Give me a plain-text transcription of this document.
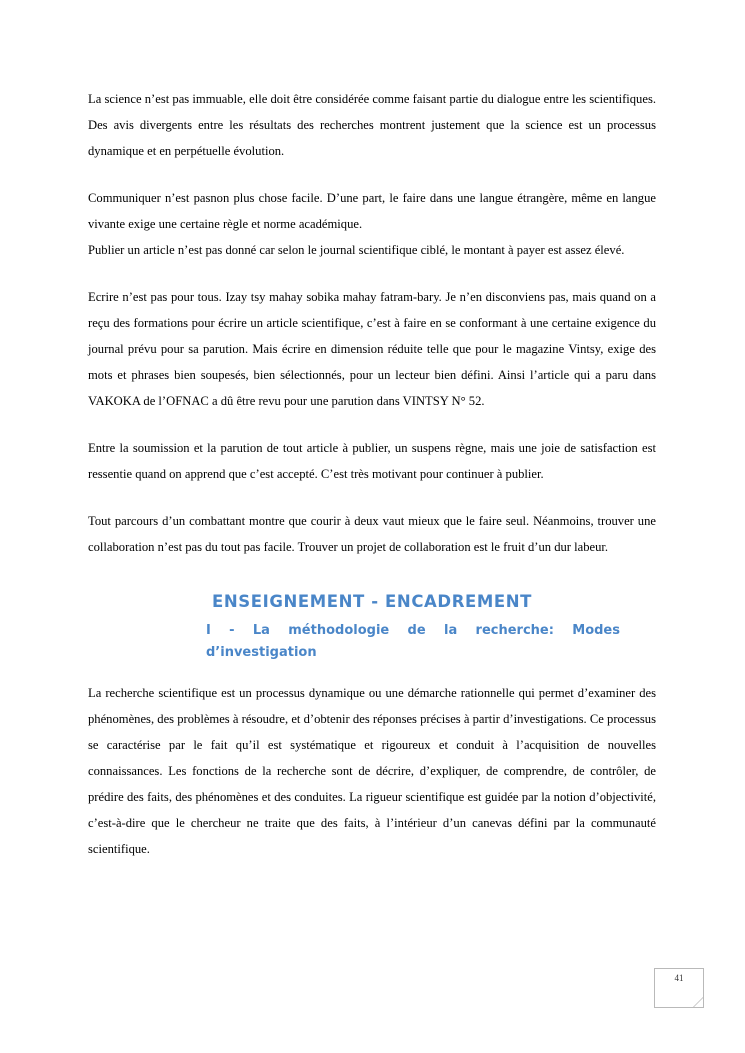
La science n’est pas immuable, elle doit être considérée comme faisant partie du dialogue entre les scientifiques. Des avis divergents entre les résultats des recherches montrent justement que la science est un processus dynamique et en perpétuelle évolution.

Communiquer n’est pasnon plus chose facile. D’une part, le faire dans une langue étrangère, même en langue vivante exige une certaine règle et norme académique.

Publier un article n’est pas donné car selon le journal scientifique ciblé, le montant à payer est assez élevé.

Ecrire n’est pas pour tous. Izay tsy mahay sobika mahay fatram-bary. Je n’en disconviens pas, mais quand on a reçu des formations pour écrire un article scientifique, c’est à faire en se conformant à une certaine exigence du journal prévu pour sa parution. Mais écrire en dimension réduite telle que pour le magazine Vintsy, exige des mots et phrases bien soupesés, bien sélectionnés, pour un lecteur bien défini. Ainsi l’article qui a paru dans VAKOKA de l’OFNAC a dû être revu pour une parution dans VINTSY N° 52.

Entre la soumission et la parution de tout article à publier, un suspens règne, mais une joie de satisfaction est ressentie quand on apprend que c’est accepté. C’est très motivant pour continuer à publier.

Tout parcours d’un combattant montre que courir à deux vaut mieux que le faire seul. Néanmoins, trouver une collaboration n’est pas du tout pas facile. Trouver un projet de collaboration est le fruit d’un dur labeur.

ENSEIGNEMENT - ENCADREMENT
I - La méthodologie de la recherche: Modes d’investigation

La recherche scientifique est un processus dynamique ou une démarche rationnelle qui permet d’examiner des phénomènes, des problèmes à résoudre, et d’obtenir des réponses précises à partir d’investigations. Ce processus se caractérise par le fait qu’il est systématique et rigoureux et conduit à l’acquisition de nouvelles connaissances. Les fonctions de la recherche sont de décrire, d’expliquer, de comprendre, de contrôler, de prédire des faits, des phénomènes et des conduites. La rigueur scientifique est guidée par la notion d’objectivité, c’est-à-dire que le chercheur ne traite que des faits, à l’intérieur d’un canevas défini par la communauté scientifique.

41
